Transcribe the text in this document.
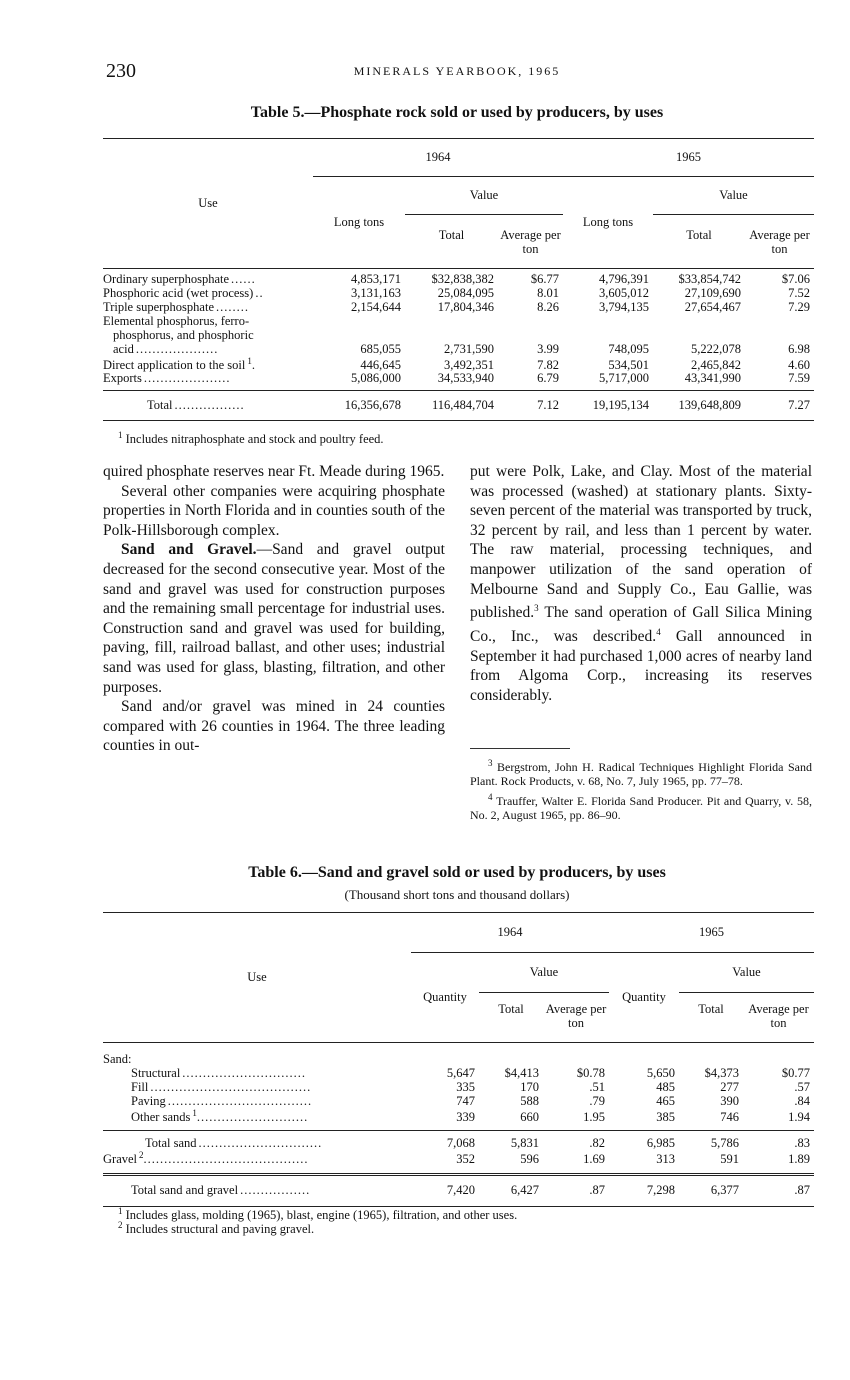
230	MINERALS YEARBOOK, 1965
Table 5.—Phosphate rock sold or used by producers, by uses
Use	1964			1965		
	Long tons	Value		Long tons	Value	
		Total	Average per ton		Total	Average per ton
Ordinary superphosphate ......	4,853,171	$32,838,382	$6.77	4,796,391	$33,854,742	$7.06
Phosphoric acid (wet process) ..	3,131,163	25,084,095	8.01	3,605,012	27,109,690	7.52
Triple superphosphate ........	2,154,644	17,804,346	8.26	3,794,135	27,654,467	7.29

Elemental phosphorus, ferro-
phosphorus, and phosphoric
acid ....................	685,055	2,731,590	3.99	748,095	5,222,078	6.98
Direct application to the soil $^1$.	446,645	3,492,351	7.82	534,501	2,465,842	4.60
Exports .....................	5,086,000	34,533,940	6.79	5,717,000	43,341,990	7.59
Total .................	16,356,678	116,484,704	7.12	19,195,134	139,648,809	7.27
$^1$ Includes nitraphosphate and stock and poultry feed.

quired phosphate reserves near Ft. Meade during 1965.

Several other companies were acquiring phosphate properties in North Florida and in counties south of the Polk-Hillsborough complex.

Sand and Gravel.—Sand and gravel output decreased for the second consecutive year. Most of the sand and gravel was used for construction purposes and the remaining small percentage for industrial uses. Construction sand and gravel was used for building, paving, fill, railroad ballast, and other uses; industrial sand was used for glass, blasting, filtration, and other purposes.

Sand and/or gravel was mined in 24 counties compared with 26 counties in 1964. The three leading counties in out-

put were Polk, Lake, and Clay. Most of the material was processed (washed) at stationary plants. Sixty-seven percent of the material was transported by truck, 32 percent by rail, and less than 1 percent by water. The raw material, processing techniques, and manpower utilization of the sand operation of Melbourne Sand and Supply Co., Eau Gallie, was published.$^3$ The sand operation of Gall Silica Mining Co., Inc., was described.$^4$ Gall announced in September it had purchased 1,000 acres of nearby land from Algoma Corp., increasing its reserves considerably.

$^3$ Bergstrom, John H. Radical Techniques Highlight Florida Sand Plant. Rock Products, v. 68, No. 7, July 1965, pp. 77–78.

$^4$ Trauffer, Walter E. Florida Sand Producer. Pit and Quarry, v. 58, No. 2, August 1965, pp. 86–90.

Table 6.—Sand and gravel sold or used by producers, by uses
(Thousand short tons and thousand dollars)
Use	1964			1965		
	Quantity	Value		Quantity	Value	
		Total	Average per ton		Total	Average per ton
Sand:						
Structural ..............................	5,647	$4,413	$0.78	5,650	$4,373	$0.77
Fill .......................................	335	170	.51	485	277	.57
Paving ...................................	747	588	.79	465	390	.84
Other sands $^1$...........................	339	660	1.95	385	746	1.94
Total sand ..............................	7,068	5,831	.82	6,985	5,786	.83
Gravel $^2$........................................	352	596	1.69	313	591	1.89
Total sand and gravel .................	7,420	6,427	.87	7,298	6,377	.87
$^1$ Includes glass, molding (1965), blast, engine (1965), filtration, and other uses.
$^2$ Includes structural and paving gravel.
